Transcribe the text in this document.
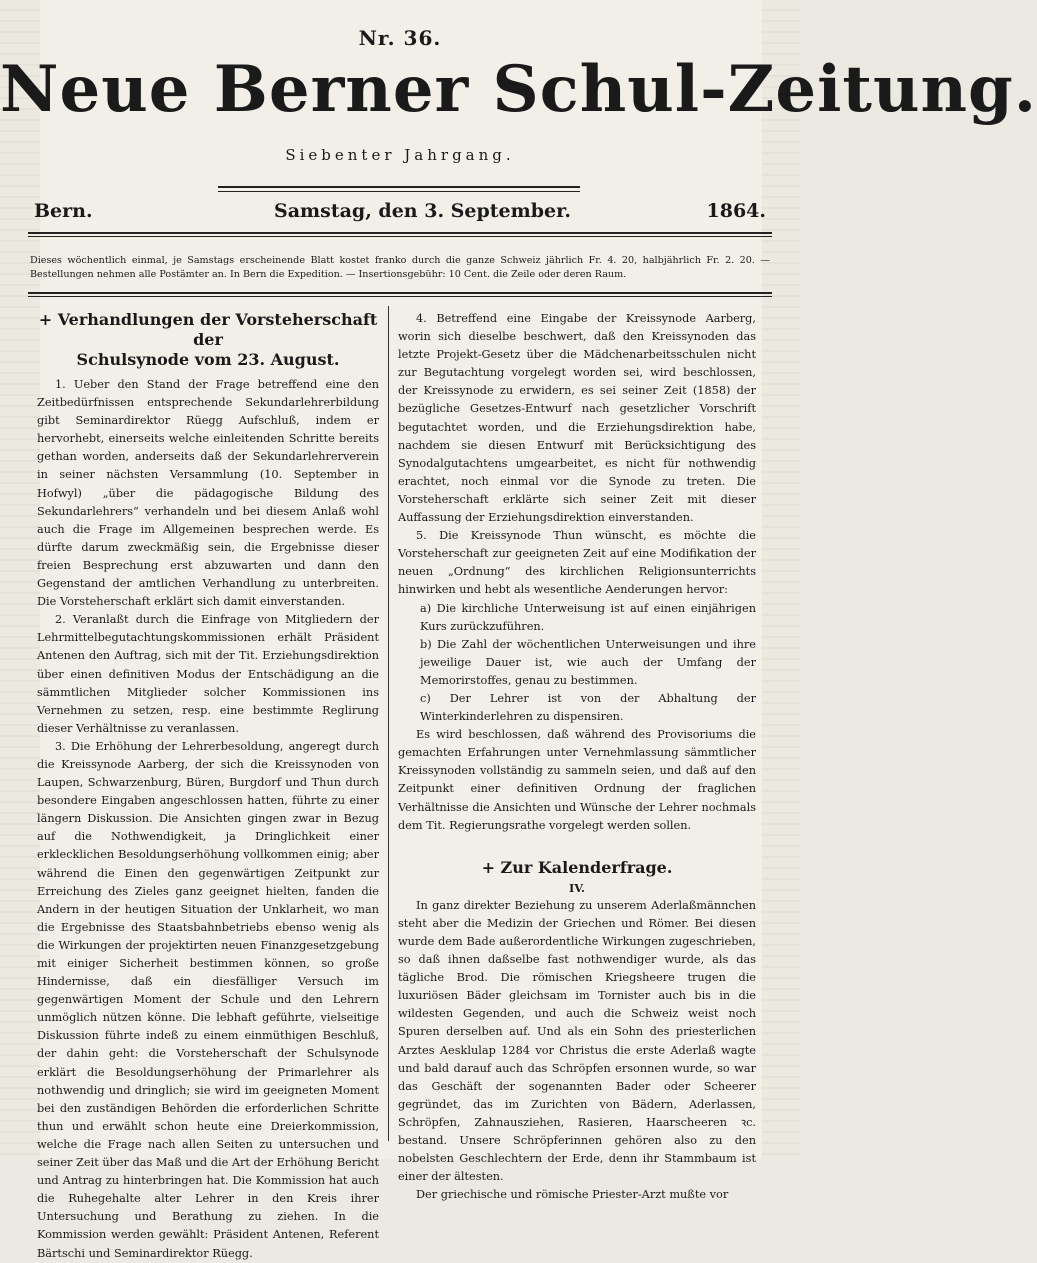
Nr. 36.
Neue Berner Schul-Zeitung.
Siebenter Jahrgang.
Bern.	Samstag, den 3. September.	1864.
Dieses wöchentlich einmal, je Samstags erscheinende Blatt kostet franko durch die ganze Schweiz jährlich Fr. 4. 20, halbjährlich Fr. 2. 20. — Bestellungen nehmen alle Postämter an. In Bern die Expedition. — Insertionsgebühr: 10 Cent. die Zeile oder deren Raum.

+ Verhandlungen der Vorsteherschaft der

Schulsynode vom 23. August.

1. Ueber den Stand der Frage betreffend eine den Zeitbedürfnissen entsprechende Sekundarlehrerbildung gibt Seminardirektor Rüegg Aufschluß, indem er hervorhebt, einerseits welche einleitenden Schritte bereits gethan worden, anderseits daß der Sekundarlehrerverein in seiner nächsten Versammlung (10. September in Hofwyl) „über die pädagogische Bildung des Sekundarlehrers“ verhandeln und bei diesem Anlaß wohl auch die Frage im Allgemeinen besprechen werde. Es dürfte darum zweckmäßig sein, die Ergebnisse dieser freien Besprechung erst abzuwarten und dann den Gegenstand der amtlichen Verhandlung zu unterbreiten. Die Vorsteherschaft erklärt sich damit einverstanden.

2. Veranlaßt durch die Einfrage von Mitgliedern der Lehrmittelbegutachtungskommissionen erhält Präsident Antenen den Auftrag, sich mit der Tit. Erziehungsdirektion über einen definitiven Modus der Entschädigung an die sämmtlichen Mitglieder solcher Kommissionen ins Vernehmen zu setzen, resp. eine bestimmte Reglirung dieser Verhältnisse zu veranlassen.

3. Die Erhöhung der Lehrerbesoldung, angeregt durch die Kreissynode Aarberg, der sich die Kreissynoden von Laupen, Schwarzenburg, Büren, Burgdorf und Thun durch besondere Eingaben angeschlossen hatten, führte zu einer längern Diskussion. Die Ansichten gingen zwar in Bezug auf die Nothwendigkeit, ja Dringlichkeit einer erklecklichen Besoldungserhöhung vollkommen einig; aber während die Einen den gegenwärtigen Zeitpunkt zur Erreichung des Zieles ganz geeignet hielten, fanden die Andern in der heutigen Situation der Unklarheit, wo man die Ergebnisse des Staatsbahnbetriebs ebenso wenig als die Wirkungen der projektirten neuen Finanzgesetzgebung mit einiger Sicherheit bestimmen können, so große Hindernisse, daß ein diesfälliger Versuch im gegenwärtigen Moment der Schule und den Lehrern unmöglich nützen könne. Die lebhaft geführte, vielseitige Diskussion führte indeß zu einem einmüthigen Beschluß, der dahin geht: die Vorsteherschaft der Schulsynode erklärt die Besoldungserhöhung der Primarlehrer als nothwendig und dringlich; sie wird im geeigneten Moment bei den zuständigen Behörden die erforderlichen Schritte thun und erwählt schon heute eine Dreierkommission, welche die Frage nach allen Seiten zu untersuchen und seiner Zeit über das Maß und die Art der Erhöhung Bericht und Antrag zu hinterbringen hat. Die Kommission hat auch die Ruhegehalte alter Lehrer in den Kreis ihrer Untersuchung und Berathung zu ziehen. In die Kommission werden gewählt: Präsident Antenen, Referent Bärtschi und Seminardirektor Rüegg.

4. Betreffend eine Eingabe der Kreissynode Aarberg, worin sich dieselbe beschwert, daß den Kreissynoden das letzte Projekt-Gesetz über die Mädchenarbeitsschulen nicht zur Begutachtung vorgelegt worden sei, wird beschlossen, der Kreissynode zu erwidern, es sei seiner Zeit (1858) der bezügliche Gesetzes-Entwurf nach gesetzlicher Vorschrift begutachtet worden, und die Erziehungsdirektion habe, nachdem sie diesen Entwurf mit Berücksichtigung des Synodalgutachtens umgearbeitet, es nicht für nothwendig erachtet, noch einmal vor die Synode zu treten. Die Vorsteherschaft erklärte sich seiner Zeit mit dieser Auffassung der Erziehungsdirektion einverstanden.

5. Die Kreissynode Thun wünscht, es möchte die Vorsteherschaft zur geeigneten Zeit auf eine Modifikation der neuen „Ordnung“ des kirchlichen Religionsunterrichts hinwirken und hebt als wesentliche Aenderungen hervor:

a) Die kirchliche Unterweisung ist auf einen einjährigen Kurs zurückzuführen.

b) Die Zahl der wöchentlichen Unterweisungen und ihre jeweilige Dauer ist, wie auch der Umfang der Memorirstoffes, genau zu bestimmen.

c) Der Lehrer ist von der Abhaltung der Winterkinderlehren zu dispensiren.

Es wird beschlossen, daß während des Provisoriums die gemachten Erfahrungen unter Vernehmlassung sämmtlicher Kreissynoden vollständig zu sammeln seien, und daß auf den Zeitpunkt einer definitiven Ordnung der fraglichen Verhältnisse die Ansichten und Wünsche der Lehrer nochmals dem Tit. Regierungsrathe vorgelegt werden sollen.

+ Zur Kalenderfrage.

IV.

In ganz direkter Beziehung zu unserem Aderlaßmännchen steht aber die Medizin der Griechen und Römer. Bei diesen wurde dem Bade außerordentliche Wirkungen zugeschrieben, so daß ihnen daßselbe fast nothwendiger wurde, als das tägliche Brod. Die römischen Kriegsheere trugen die luxuriösen Bäder gleichsam im Tornister auch bis in die wildesten Gegenden, und auch die Schweiz weist noch Spuren derselben auf. Und als ein Sohn des priesterlichen Arztes Aesklulap 1284 vor Christus die erste Aderlaß wagte und bald darauf auch das Schröpfen ersonnen wurde, so war das Geschäft der sogenannten Bader oder Scheerer gegründet, das im Zurichten von Bädern, Aderlassen, Schröpfen, Zahnausziehen, Rasieren, Haarscheeren ꝛc. bestand. Unsere Schröpferinnen gehören also zu den nobelsten Geschlechtern der Erde, denn ihr Stammbaum ist einer der ältesten.

Der griechische und römische Priester-Arzt mußte vor
